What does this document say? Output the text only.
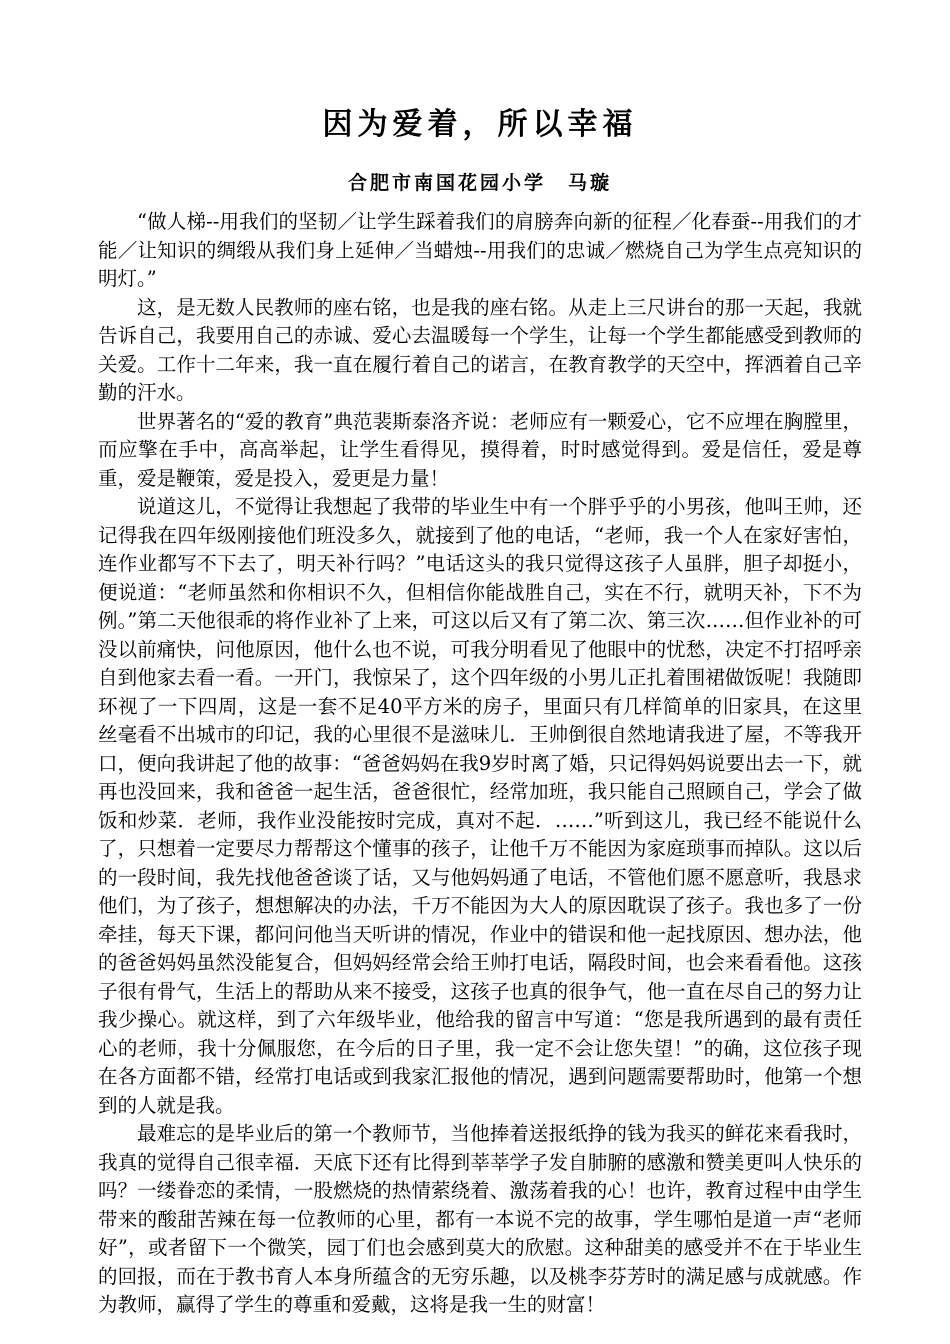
因为爱着，所以幸福
合肥市南国花园小学　马璇

“做人梯--用我们的坚韧／让学生踩着我们的肩膀奔向新的征程／化春蚕--用我们的才能／让知识的绸缎从我们身上延伸／当蜡烛--用我们的忠诚／燃烧自己为学生点亮知识的明灯。”

这，是无数人民教师的座右铭，也是我的座右铭。从走上三尺讲台的那一天起，我就告诉自己，我要用自己的赤诚、爱心去温暖每一个学生，让每一个学生都能感受到教师的关爱。工作十二年来，我一直在履行着自己的诺言，在教育教学的天空中，挥洒着自己辛勤的汗水。

世界著名的“爱的教育”典范裴斯泰洛齐说：老师应有一颗爱心，它不应埋在胸膛里，而应擎在手中，高高举起，让学生看得见，摸得着，时时感觉得到。爱是信任，爱是尊重，爱是鞭策，爱是投入，爱更是力量！

说道这儿，不觉得让我想起了我带的毕业生中有一个胖乎乎的小男孩，他叫王帅，还记得我在四年级刚接他们班没多久，就接到了他的电话，“老师，我一个人在家好害怕，连作业都写不下去了，明天补行吗？”电话这头的我只觉得这孩子人虽胖，胆子却挺小，便说道：“老师虽然和你相识不久，但相信你能战胜自己，实在不行，就明天补，下不为例。”第二天他很乖的将作业补了上来，可这以后又有了第二次、第三次……但作业补的可没以前痛快，问他原因，他什么也不说，可我分明看见了他眼中的忧愁，决定不打招呼亲自到他家去看一看。一开门，我惊呆了，这个四年级的小男儿正扎着围裙做饭呢！我随即环视了一下四周，这是一套不足40平方米的房子，里面只有几样简单的旧家具，在这里丝毫看不出城市的印记，我的心里很不是滋味儿．王帅倒很自然地请我进了屋，不等我开口，便向我讲起了他的故事：“爸爸妈妈在我9岁时离了婚，只记得妈妈说要出去一下，就再也没回来，我和爸爸一起生活，爸爸很忙，经常加班，我只能自己照顾自己，学会了做饭和炒菜．老师，我作业没能按时完成，真对不起．……”听到这儿，我已经不能说什么了，只想着一定要尽力帮帮这个懂事的孩子，让他千万不能因为家庭琐事而掉队。这以后的一段时间，我先找他爸爸谈了话，又与他妈妈通了电话，不管他们愿不愿意听，我恳求他们，为了孩子，想想解决的办法，千万不能因为大人的原因耽误了孩子。我也多了一份牵挂，每天下课，都问问他当天听讲的情况，作业中的错误和他一起找原因、想办法，他的爸爸妈妈虽然没能复合，但妈妈经常会给王帅打电话，隔段时间，也会来看看他。这孩子很有骨气，生活上的帮助从来不接受，这孩子也真的很争气，他一直在尽自己的努力让我少操心。就这样，到了六年级毕业，他给我的留言中写道：“您是我所遇到的最有责任心的老师，我十分佩服您，在今后的日子里，我一定不会让您失望！”的确，这位孩子现在各方面都不错，经常打电话或到我家汇报他的情况，遇到问题需要帮助时，他第一个想到的人就是我。

最难忘的是毕业后的第一个教师节，当他捧着送报纸挣的钱为我买的鲜花来看我时，我真的觉得自己很幸福．天底下还有比得到莘莘学子发自肺腑的感激和赞美更叫人快乐的吗？一缕眷恋的柔情，一股燃烧的热情萦绕着、激荡着我的心！也许，教育过程中由学生带来的酸甜苦辣在每一位教师的心里，都有一本说不完的故事，学生哪怕是道一声“老师好”，或者留下一个微笑，园丁们也会感到莫大的欣慰。这种甜美的感受并不在于毕业生的回报，而在于教书育人本身所蕴含的无穷乐趣，以及桃李芬芳时的满足感与成就感。作为教师，赢得了学生的尊重和爱戴，这将是我一生的财富！
